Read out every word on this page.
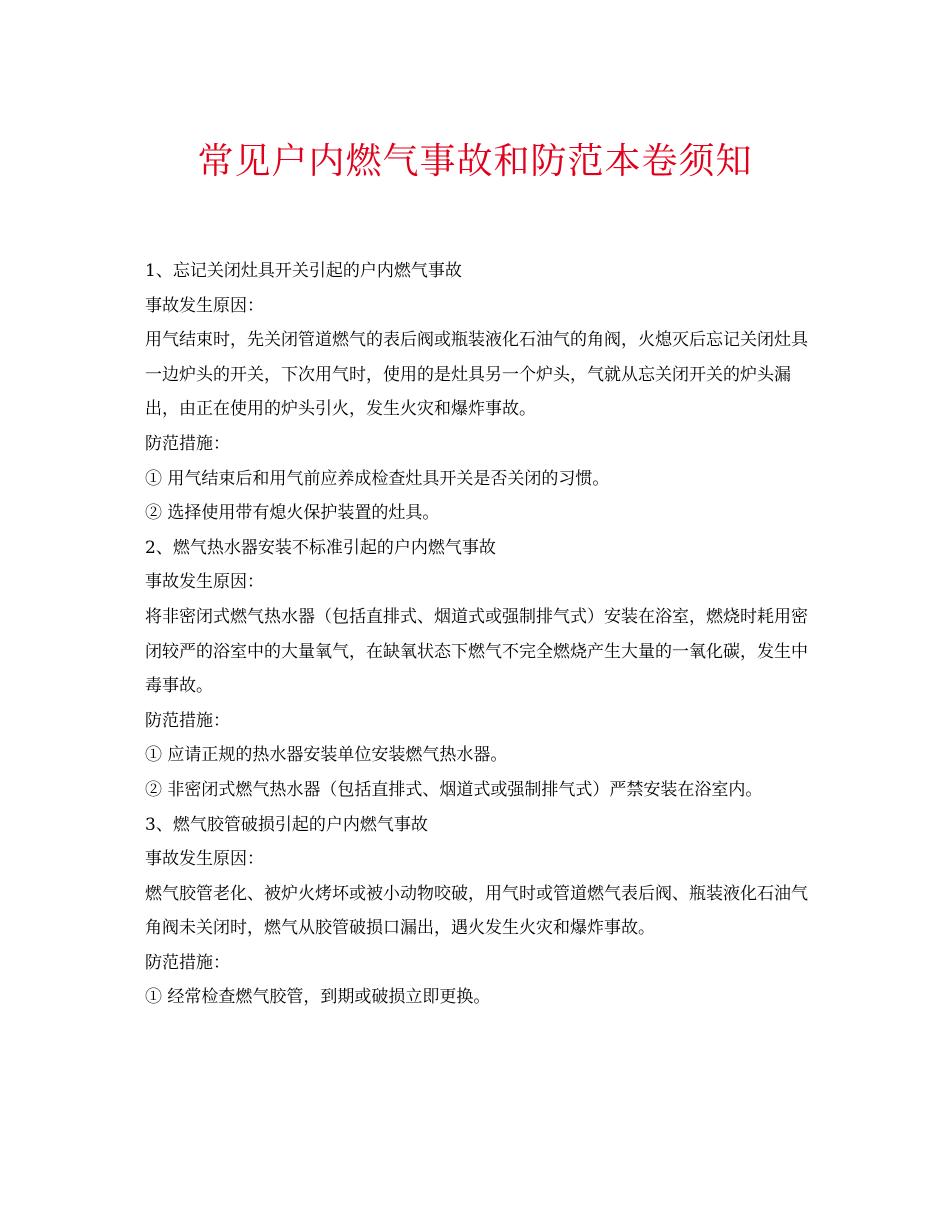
常见户内燃气事故和防范本卷须知

1、忘记关闭灶具开关引起的户内燃气事故

事故发生原因：

用气结束时，先关闭管道燃气的表后阀或瓶装液化石油气的角阀，火熄灭后忘记关闭灶具一边炉头的开关，下次用气时，使用的是灶具另一个炉头，气就从忘关闭开关的炉头漏出，由正在使用的炉头引火，发生火灾和爆炸事故。

防范措施：

① 用气结束后和用气前应养成检查灶具开关是否关闭的习惯。

② 选择使用带有熄火保护装置的灶具。

2、燃气热水器安装不标准引起的户内燃气事故

事故发生原因：

将非密闭式燃气热水器（包括直排式、烟道式或强制排气式）安装在浴室，燃烧时耗用密闭较严的浴室中的大量氧气，在缺氧状态下燃气不完全燃烧产生大量的一氧化碳，发生中毒事故。

防范措施：

① 应请正规的热水器安装单位安装燃气热水器。

② 非密闭式燃气热水器（包括直排式、烟道式或强制排气式）严禁安装在浴室内。

3、燃气胶管破损引起的户内燃气事故

事故发生原因：

燃气胶管老化、被炉火烤坏或被小动物咬破，用气时或管道燃气表后阀、瓶装液化石油气角阀未关闭时，燃气从胶管破损口漏出，遇火发生火灾和爆炸事故。

防范措施：

① 经常检查燃气胶管，到期或破损立即更换。
